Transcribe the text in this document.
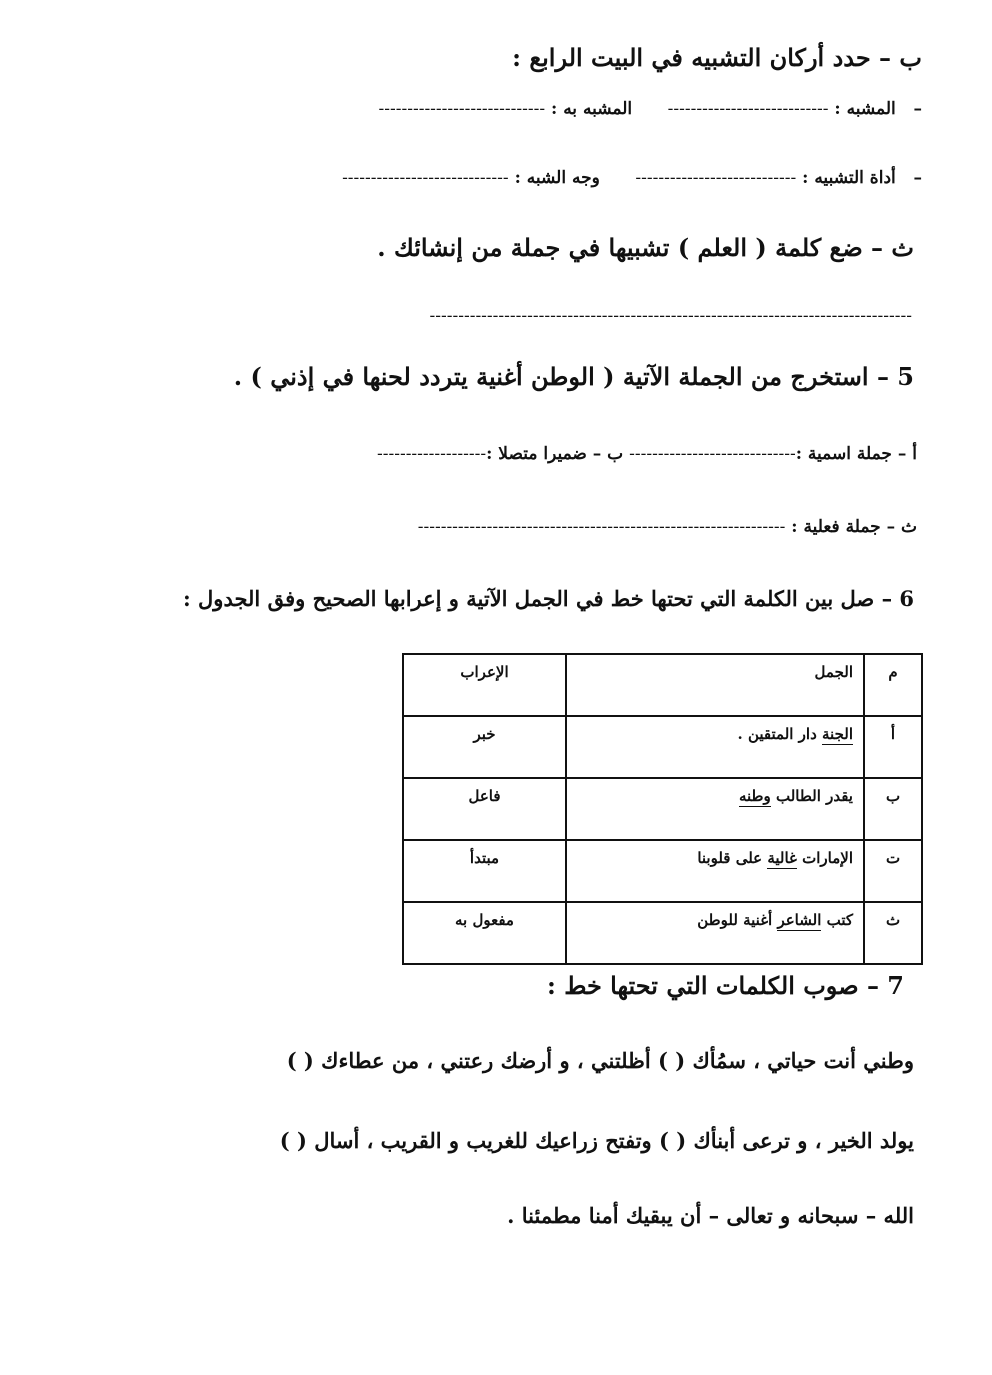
ب – حدد أركان التشبيه في البيت الرابع :
–   المشبه : ----------------------------      المشبه به : -----------------------------
–   أداة التشبيه : ----------------------------      وجه الشبه : -----------------------------
ث – ضع كلمة ( العلم ) تشبيها في جملة من إنشائك .
------------------------------------------------------------------------------------
5 – استخرج من الجملة الآتية ( الوطن أغنية يتردد لحنها في إذني ) .
أ – جملة اسمية :----------------------------- ب – ضميرا متصلا :-------------------
ث – جملة فعلية : ----------------------------------------------------------------
6 – صل بين الكلمة التي تحتها خط في الجمل الآتية و إعرابها الصحيح وفق الجدول :
م	الجمل	الإعراب
أ	الجنة دار المتقين .	خبر
ب	يقدر الطالب وطنه	فاعل
ت	الإمارات غالية على قلوبنا	مبتدأ
ث	كتب الشاعر أغنية للوطن	مفعول به
7 – صوب الكلمات التي تحتها خط :
وطني أنت حياتي ، سمُأك ( ) أظلتني ، و أرضك رعتني ، من عطاءك ( )
يولد الخير ، و ترعى أبنأك ( ) وتفتح زراعيك للغريب و القريب ، أسال ( )
الله – سبحانه و تعالى – أن يبقيك أمنا مطمئنا .
